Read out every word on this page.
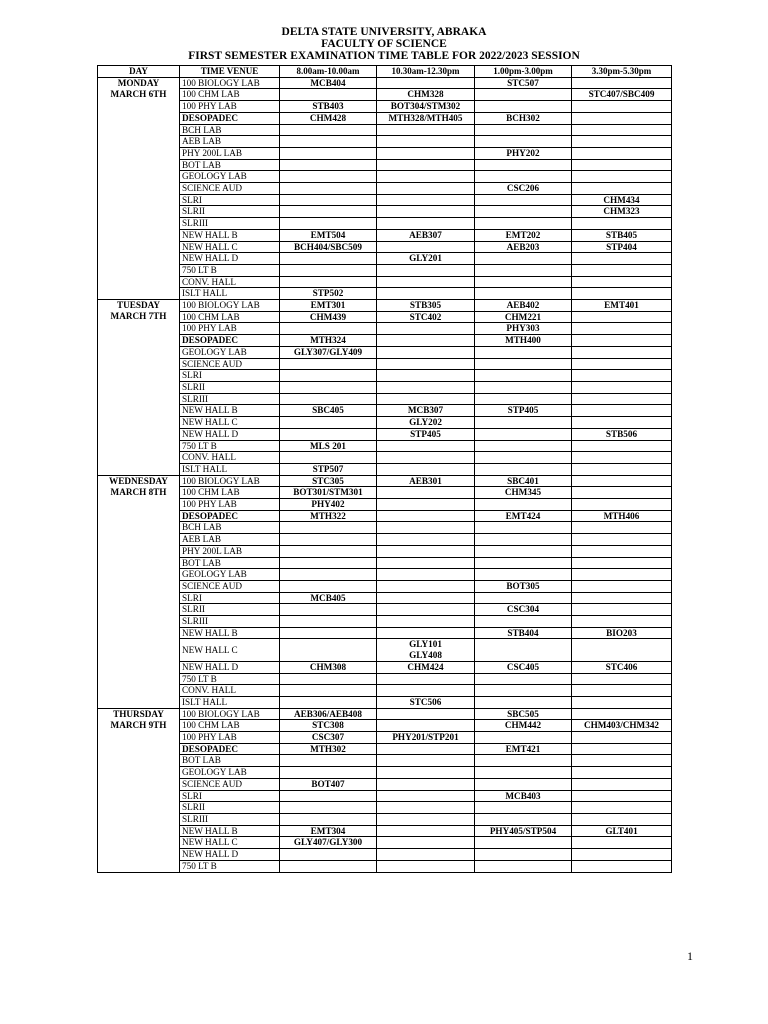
DELTA STATE UNIVERSITY, ABRAKA
FACULTY OF SCIENCE
FIRST SEMESTER EXAMINATION TIME TABLE FOR 2022/2023 SESSION
DAY	TIME VENUE	8.00am-10.00am	10.30am-12.30pm	1.00pm-3.00pm	3.30pm-5.30pm

MONDAY
MARCH 6TH	100 BIOLOGY LAB	MCB404		STC507	
	100 CHM LAB		CHM328		STC407/SBC409
	100 PHY LAB	STB403	BOT304/STM302		
	DESOPADEC	CHM428	MTH328/MTH405	BCH302	
	BCH LAB				
	AEB LAB				
	PHY 200L LAB			PHY202	
	BOT LAB				
	GEOLOGY LAB				
	SCIENCE AUD			CSC206	
	SLRI				CHM434
	SLRII				CHM323
	SLRIII				
	NEW HALL B	EMT504	AEB307	EMT202	STB405
	NEW HALL C	BCH404/SBC509		AEB203	STP404
	NEW HALL D		GLY201		
	750 LT B				
	CONV. HALL				
	ISLT HALL	STP502			

TUESDAY
MARCH 7TH	100 BIOLOGY LAB	EMT301	STB305	AEB402	EMT401
	100 CHM LAB	CHM439	STC402	CHM221	
	100 PHY LAB			PHY303	
	DESOPADEC	MTH324		MTH400	
	GEOLOGY LAB	GLY307/GLY409			
	SCIENCE AUD				
	SLRI				
	SLRII				
	SLRIII				
	NEW HALL B	SBC405	MCB307	STP405	
	NEW HALL C		GLY202		
	NEW HALL D		STP405		STB506
	750 LT B	MLS 201			
	CONV. HALL				
	ISLT HALL	STP507			

WEDNESDAY
MARCH 8TH	100 BIOLOGY LAB	STC305	AEB301	SBC401	
	100 CHM LAB	BOT301/STM301		CHM345	
	100 PHY LAB	PHY402			
	DESOPADEC	MTH322		EMT424	MTH406
	BCH LAB				
	AEB LAB				
	PHY 200L LAB				
	BOT LAB				
	GEOLOGY LAB				
	SCIENCE AUD			BOT305	
	SLRI	MCB405			
	SLRII			CSC304	
	SLRIII				
	NEW HALL B			STB404	BIO203
	NEW HALL C		GLY101
GLY408		

	NEW HALL D	CHM308	CHM424	CSC405	STC406
	750 LT B				
	CONV. HALL				
	ISLT HALL		STC506		

THURSDAY
MARCH 9TH	100 BIOLOGY LAB	AEB306/AEB408		SBC505	
	100 CHM LAB	STC308		CHM442	CHM403/CHM342
	100 PHY LAB	CSC307	PHY201/STP201		
	DESOPADEC	MTH302		EMT421	
	BOT LAB				
	GEOLOGY LAB				
	SCIENCE AUD	BOT407			
	SLRI			MCB403	
	SLRII				
	SLRIII				
	NEW HALL B	EMT304		PHY405/STP504	GLT401
	NEW HALL C	GLY407/GLY300			
	NEW HALL D				
	750 LT B				
1
